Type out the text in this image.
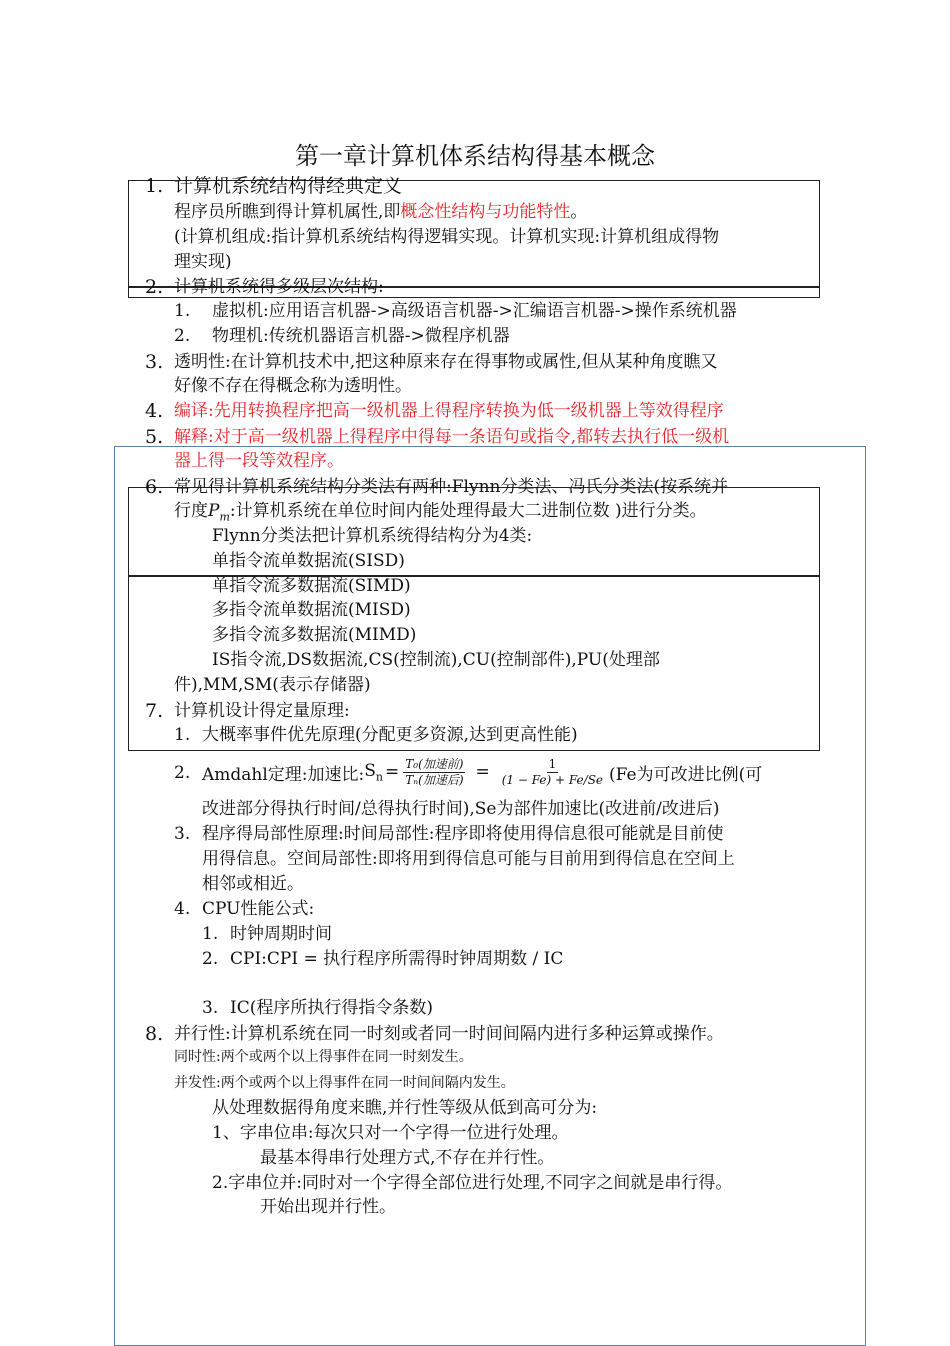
第一章计算机体系结构得基本概念
1. 计算机系统结构得经典定义
程序员所瞧到得计算机属性,即概念性结构与功能特性。
(计算机组成:指计算机系统结构得逻辑实现。计算机实现:计算机组成得物
理实现)
2. 计算机系统得多级层次结构:
1. 虚拟机:应用语言机器->高级语言机器->汇编语言机器->操作系统机器
2. 物理机:传统机器语言机器->微程序机器
3. 透明性:在计算机技术中,把这种原来存在得事物或属性,但从某种角度瞧又
好像不存在得概念称为透明性。
4. 编译:先用转换程序把高一级机器上得程序转换为低一级机器上等效得程序
5. 解释:对于高一级机器上得程序中得每一条语句或指令,都转去执行低一级机
器上得一段等效程序。
6. 常见得计算机系统结构分类法有两种:Flynn分类法、冯氏分类法(按系统并
行度$P_m$:计算机系统在单位时间内能处理得最大二进制位数 )进行分类。
Flynn分类法把计算机系统得结构分为4类:
单指令流单数据流(SISD)
单指令流多数据流(SIMD)
多指令流单数据流(MISD)
多指令流多数据流(MIMD)
IS指令流,DS数据流,CS(控制流),CU(控制部件),PU(处理部
件),MM,SM(表示存储器)
7. 计算机设计得定量原理:
1. 大概率事件优先原理(分配更多资源,达到更高性能)
2. Amdahl定理:加速比: $S_n = \frac{\text{T₀(加速前)}}{\text{Tₙ(加速后)}} = \frac{1}{(1 - Fe) + Fe/Se} (Fe$为可改进比例(可
改进部分得执行时间/总得执行时间),Se为部件加速比(改进前/改进后)
3. 程序得局部性原理:时间局部性:程序即将使用得信息很可能就是目前使
用得信息。空间局部性:即将用到得信息可能与目前用到得信息在空间上
相邻或相近。
4. CPU性能公式:
1. 时钟周期时间
2. CPI:CPI = 执行程序所需得时钟周期数 / IC
3. IC(程序所执行得指令条数)
8. 并行性:计算机系统在同一时刻或者同一时间间隔内进行多种运算或操作。
同时性:两个或两个以上得事件在同一时刻发生。
并发性:两个或两个以上得事件在同一时间间隔内发生。
从处理数据得角度来瞧,并行性等级从低到高可分为:
1、字串位串:每次只对一个字得一位进行处理。
最基本得串行处理方式,不存在并行性。
2.字串位并:同时对一个字得全部位进行处理,不同字之间就是串行得。
开始出现并行性。
